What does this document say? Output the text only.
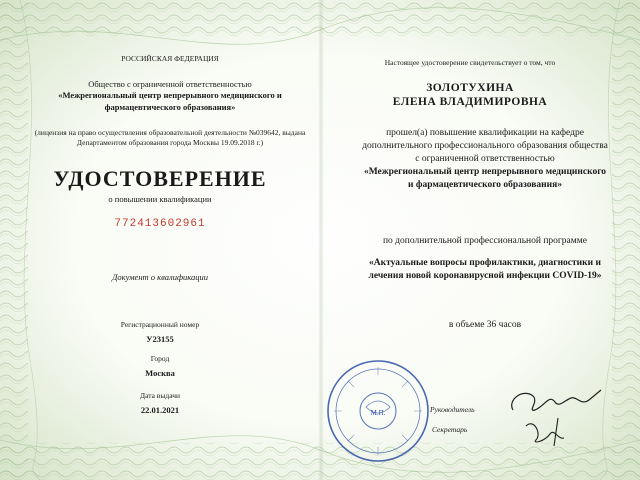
РОССИЙСКАЯ ФЕДЕРАЦИЯ
Общество с ограниченной ответственностью
«Межрегиональный центр непрерывного медицинского и
фармацевтического образования»
(лицензия на право осуществления образовательной деятельности №039642, выдана
Департаментом образования города Москвы 19.09.2018 г.)
УДОСТОВЕРЕНИЕ
о повышении квалификации
772413602961
Документ о квалификации
Регистрационный номер
У23155
Город
Москва
Дата выдачи
22.01.2021
Настоящее удостоверение свидетельствует о том, что
ЗОЛОТУХИНА
ЕЛЕНА ВЛАДИМИРОВНА
прошел(а) повышение квалификации на кафедре
дополнительного профессионального образования общества
с ограниченной ответственностью
«Межрегиональный центр непрерывного медицинского
и фармацевтического образования»
по дополнительной профессиональной программе
«Актуальные вопросы профилактики, диагностики и
лечения новой коронавирусной инфекции COVID-19»
в объеме 36 часов
М.П.	Руководитель
Секретарь
